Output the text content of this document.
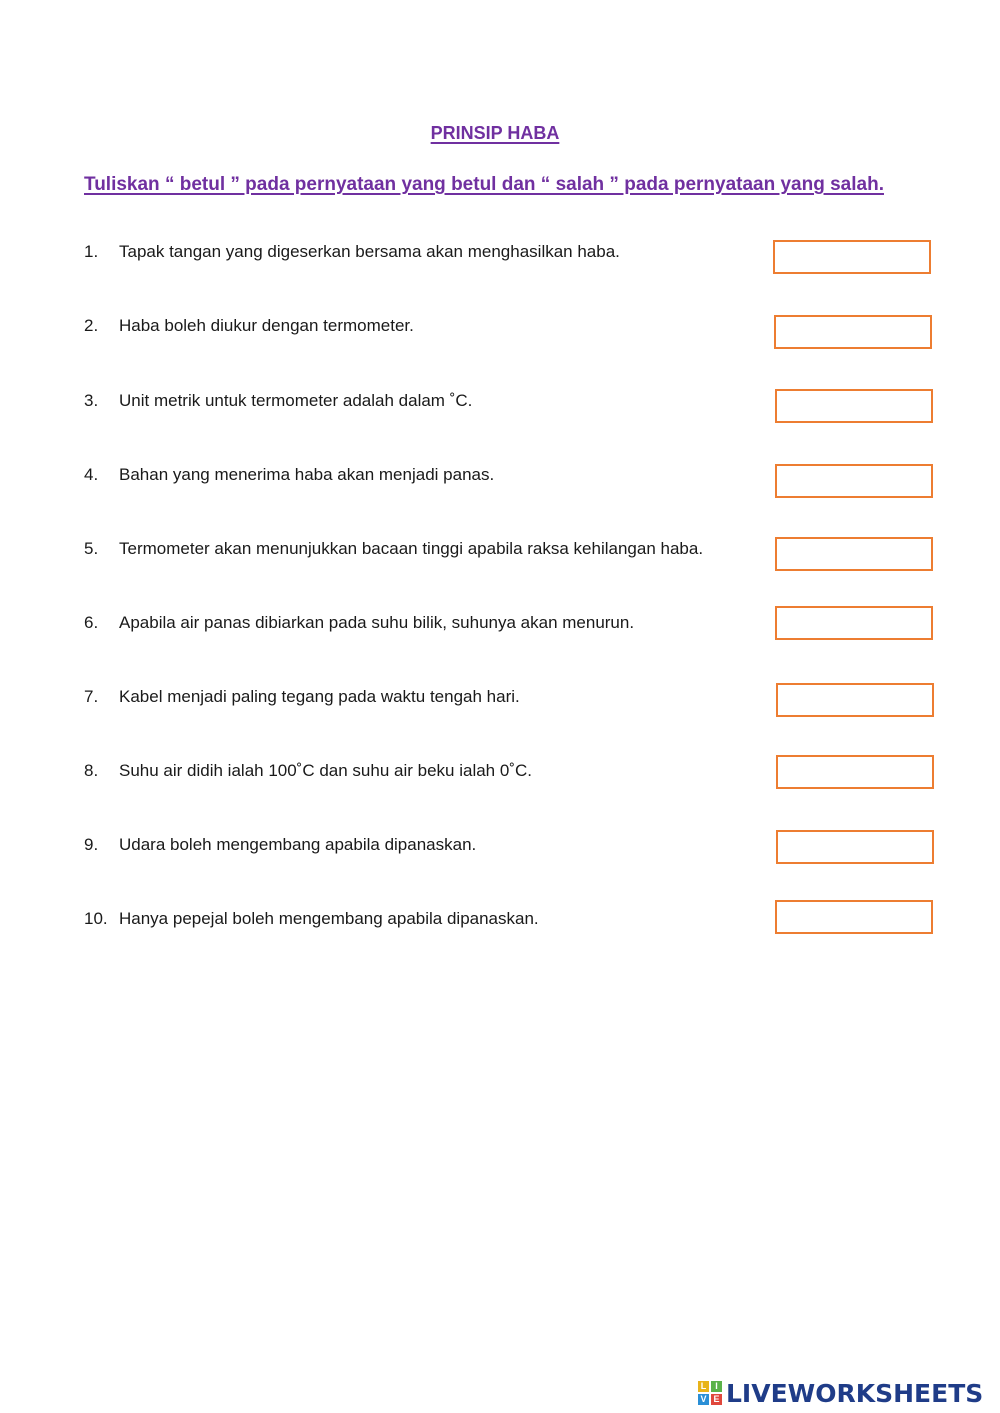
PRINSIP HABA
Tuliskan “ betul ” pada pernyataan yang betul dan “ salah ” pada pernyataan yang salah.
1. Tapak tangan yang digeserkan bersama akan menghasilkan haba.
2. Haba boleh diukur dengan termometer.
3. Unit metrik untuk termometer adalah dalam ˚C.
4. Bahan yang menerima haba akan menjadi panas.
5. Termometer akan menunjukkan bacaan tinggi apabila raksa kehilangan haba.
6. Apabila air panas dibiarkan pada suhu bilik, suhunya akan menurun.
7. Kabel menjadi paling tegang pada waktu tengah hari.
8. Suhu air didih ialah 100˚C dan suhu air beku ialah 0˚C.
9. Udara boleh mengembang apabila dipanaskan.
10. Hanya pepejal boleh mengembang apabila dipanaskan.
L I
V E LIVEWORKSHEETS
